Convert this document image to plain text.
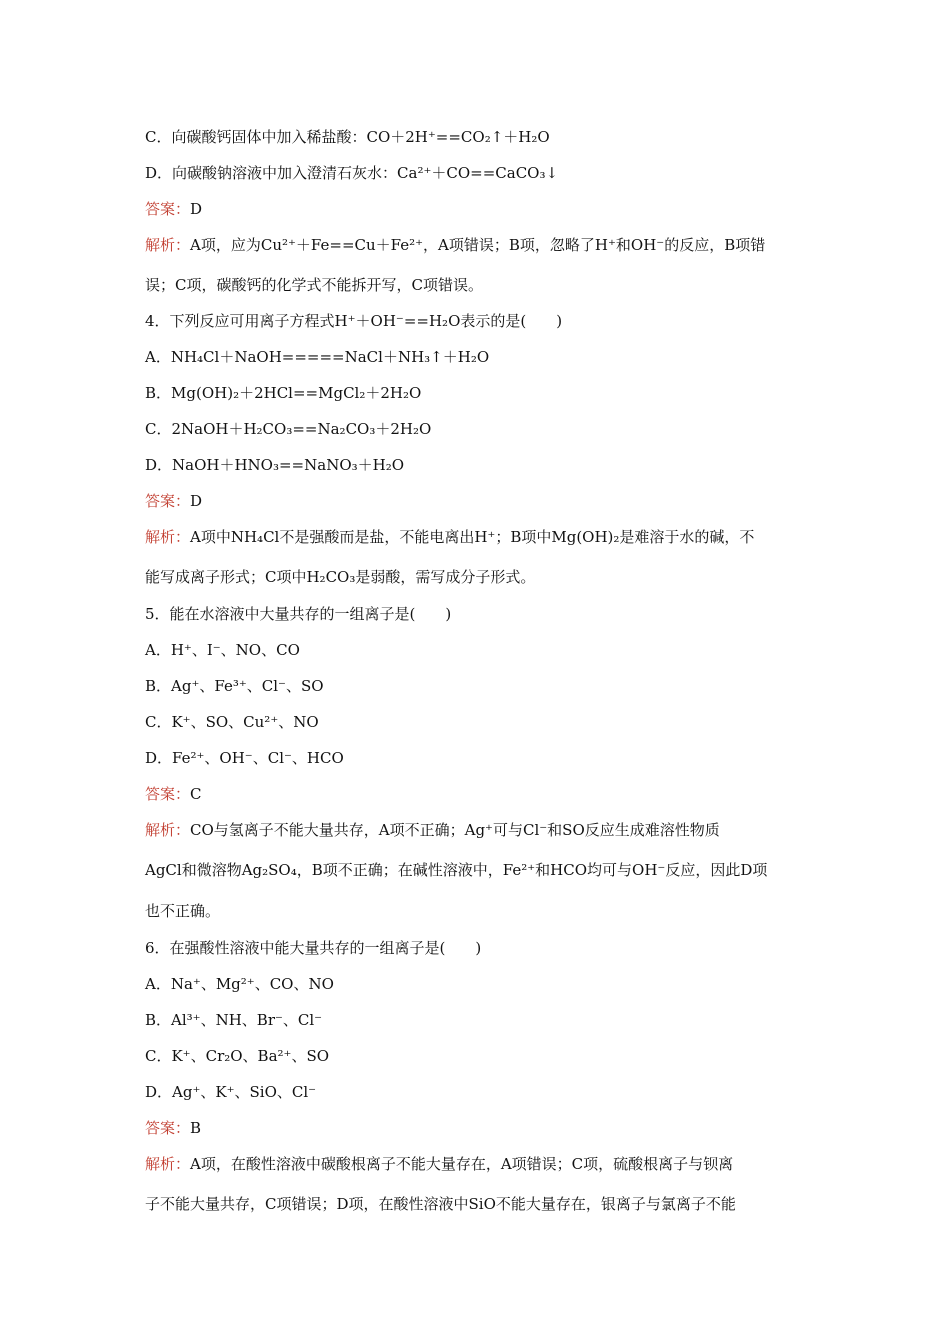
C．向碳酸钙固体中加入稀盐酸：CO＋2H⁺==CO₂↑＋H₂O
D．向碳酸钠溶液中加入澄清石灰水：Ca²⁺＋CO==CaCO₃↓
答案：D
解析：A项，应为Cu²⁺＋Fe==Cu＋Fe²⁺，A项错误；B项，忽略了H⁺和OH⁻的反应，B项错
误；C项，碳酸钙的化学式不能拆开写，C项错误。
4．下列反应可用离子方程式H⁺＋OH⁻==H₂O表示的是(　　)
A．NH₄Cl＋NaOH=====NaCl＋NH₃↑＋H₂O
B．Mg(OH)₂＋2HCl==MgCl₂＋2H₂O
C．2NaOH＋H₂CO₃==Na₂CO₃＋2H₂O
D．NaOH＋HNO₃==NaNO₃＋H₂O
答案：D
解析：A项中NH₄Cl不是强酸而是盐，不能电离出H⁺；B项中Mg(OH)₂是难溶于水的碱，不
能写成离子形式；C项中H₂CO₃是弱酸，需写成分子形式。
5．能在水溶液中大量共存的一组离子是(　　)
A．H⁺、I⁻、NO、CO
B．Ag⁺、Fe³⁺、Cl⁻、SO
C．K⁺、SO、Cu²⁺、NO
D．Fe²⁺、OH⁻、Cl⁻、HCO
答案：C
解析：CO与氢离子不能大量共存，A项不正确；Ag⁺可与Cl⁻和SO反应生成难溶性物质
AgCl和微溶物Ag₂SO₄，B项不正确；在碱性溶液中，Fe²⁺和HCO均可与OH⁻反应，因此D项
也不正确。
6．在强酸性溶液中能大量共存的一组离子是(　　)
A．Na⁺、Mg²⁺、CO、NO
B．Al³⁺、NH、Br⁻、Cl⁻
C．K⁺、Cr₂O、Ba²⁺、SO
D．Ag⁺、K⁺、SiO、Cl⁻
答案：B
解析：A项，在酸性溶液中碳酸根离子不能大量存在，A项错误；C项，硫酸根离子与钡离
子不能大量共存，C项错误；D项，在酸性溶液中SiO不能大量存在，银离子与氯离子不能
